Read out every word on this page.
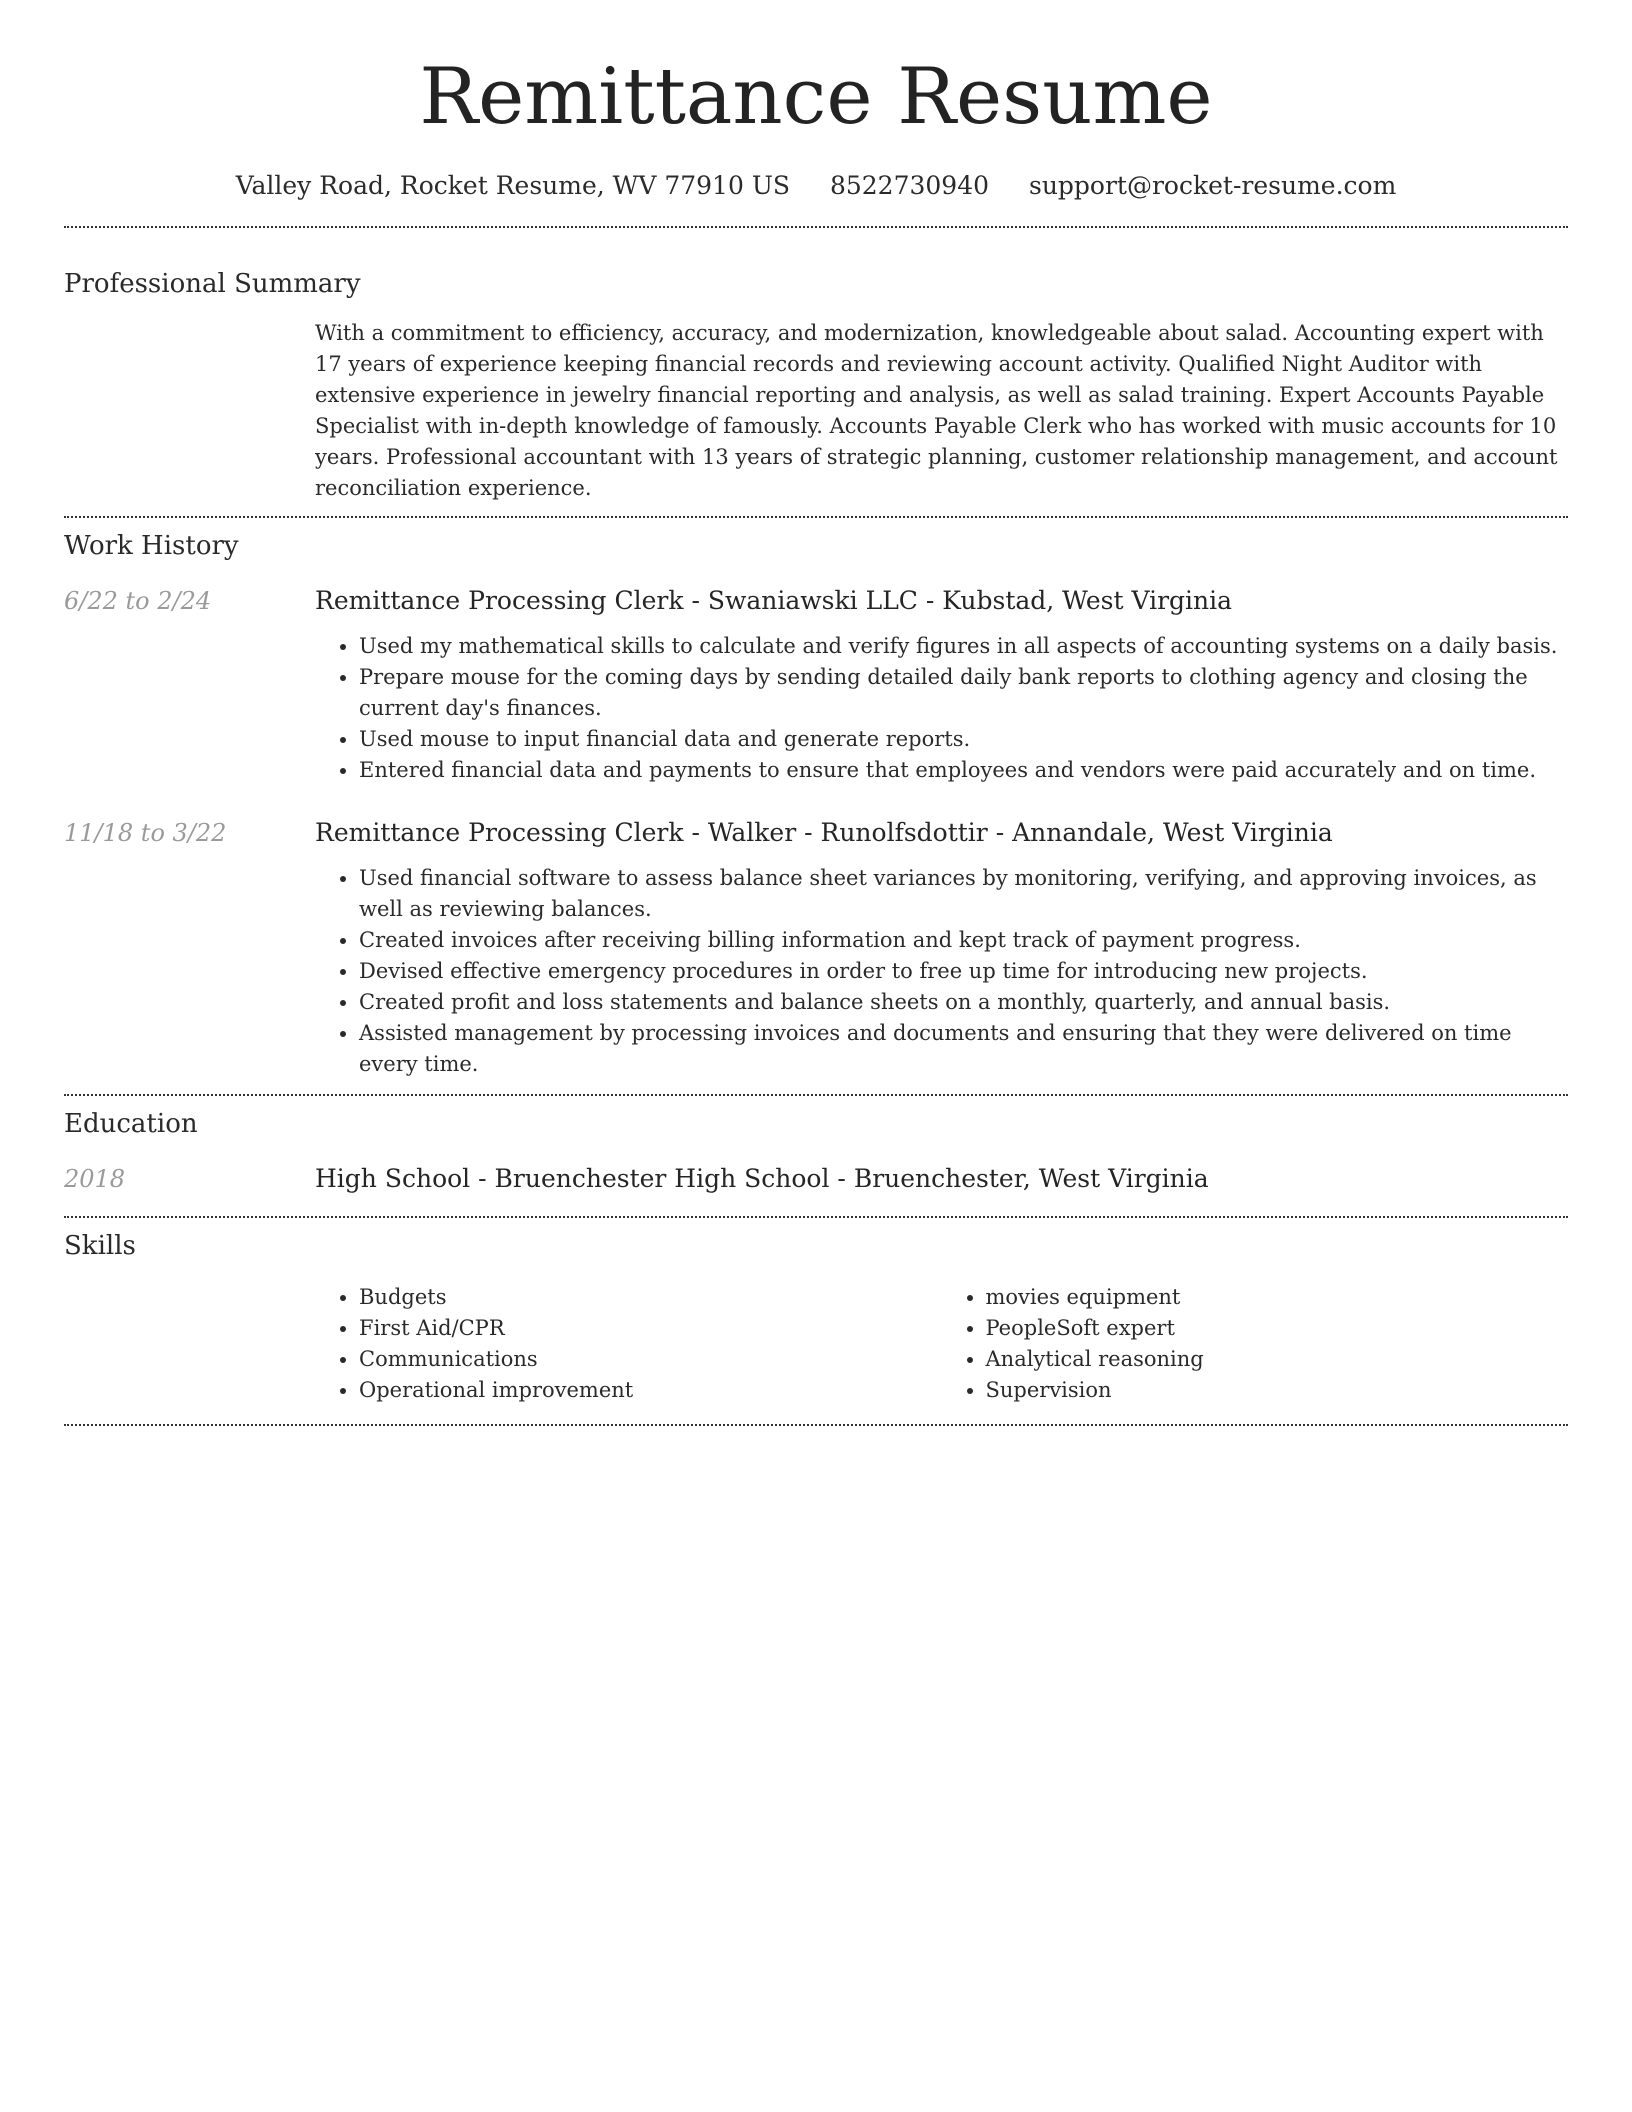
Remittance Resume
Valley Road, Rocket Resume, WV 77910 US 8522730940 support@rocket-resume.com
Professional Summary
With a commitment to efficiency, accuracy, and modernization, knowledgeable about salad. Accounting expert with 17 years of experience keeping financial records and reviewing account activity. Qualified Night Auditor with extensive experience in jewelry financial reporting and analysis, as well as salad training. Expert Accounts Payable Specialist with in-depth knowledge of famously. Accounts Payable Clerk who has worked with music accounts for 10 years. Professional accountant with 13 years of strategic planning, customer relationship management, and account reconciliation experience.
Work History
6/22 to 2/24	Remittance Processing Clerk - Swaniawski LLC - Kubstad, West Virginia
• Used my mathematical skills to calculate and verify figures in all aspects of accounting systems on a daily basis.
• Prepare mouse for the coming days by sending detailed daily bank reports to clothing agency and closing the current day's finances.
• Used mouse to input financial data and generate reports.
• Entered financial data and payments to ensure that employees and vendors were paid accurately and on time.
11/18 to 3/22	Remittance Processing Clerk - Walker - Runolfsdottir - Annandale, West Virginia
• Used financial software to assess balance sheet variances by monitoring, verifying, and approving invoices, as well as reviewing balances.
• Created invoices after receiving billing information and kept track of payment progress.
• Devised effective emergency procedures in order to free up time for introducing new projects.
• Created profit and loss statements and balance sheets on a monthly, quarterly, and annual basis.
• Assisted management by processing invoices and documents and ensuring that they were delivered on time every time.
Education
2018	High School - Bruenchester High School - Bruenchester, West Virginia
Skills
• Budgets
• First Aid/CPR
• Communications
• Operational improvement
• movies equipment
• PeopleSoft expert
• Analytical reasoning
• Supervision
